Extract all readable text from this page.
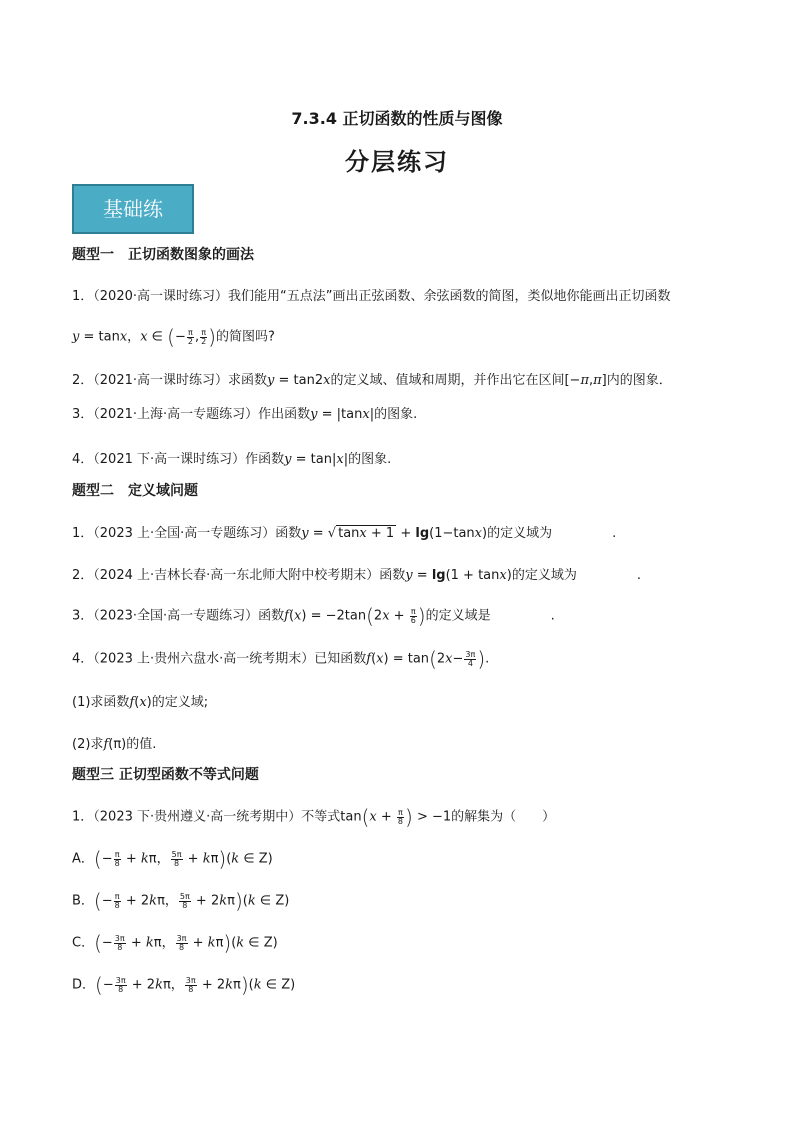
7.3.4 正切函数的性质与图像
分层练习
基础练
题型一　正切函数图象的画法
1．（2020·高一课时练习）我们能用“五点法”画出正弦函数、余弦函数的简图，类似地你能画出正切函数
y = tanx，x ∈ (− $\frac{\pi}{2}$ , $\frac{\pi}{2}$ )的简图吗?
2．（2021·高一课时练习）求函数y = tan2x的定义域、值域和周期，并作出它在区间[−π,π]内的图象．
3．（2021·上海·高一专题练习）作出函数y = |tanx|的图象.
4．（2021 下·高一课时练习）作函数y = tan|x|的图象.
题型二　定义域问题
1．（2023 上·全国·高一专题练习）函数y = √ tanx + 1 + lg(1−tanx)的定义域为	.
2．（2024 上·吉林长春·高一东北师大附中校考期末）函数y = lg(1 + tanx)的定义域为	.
3．（2023·全国·高一专题练习）函数$f(x) = -2\tan(2x + \frac{\pi}{6}$ )的定义域是	.
4．（2023 上·贵州六盘水·高一统考期末）已知函数$f(x) = \tan(2x- \frac{3\pi}{4}$ ).
(1)求函数f(x)的定义域;
(2)求f(π)的值.
题型三 正切型函数不等式问题
1．（2023 下·贵州遵义·高一统考期中）不等式$\tan(x + \frac{\pi}{8}$ ) > −1的解集为（　　）
A．(− $\frac{\pi}{8} + k\pi$， $\frac{5\pi}{8} + k\pi)(k$ ∈ Z)
B．(− $\frac{\pi}{8} + 2k\pi$， $\frac{5\pi}{8} + 2k\pi)(k$ ∈ Z)
C．(− $\frac{3\pi}{8} + k\pi$， $\frac{3\pi}{8} + k\pi)(k$ ∈ Z)
D．(− $\frac{3\pi}{8} + 2k\pi$， $\frac{3\pi}{8} + 2k\pi)(k$ ∈ Z)
